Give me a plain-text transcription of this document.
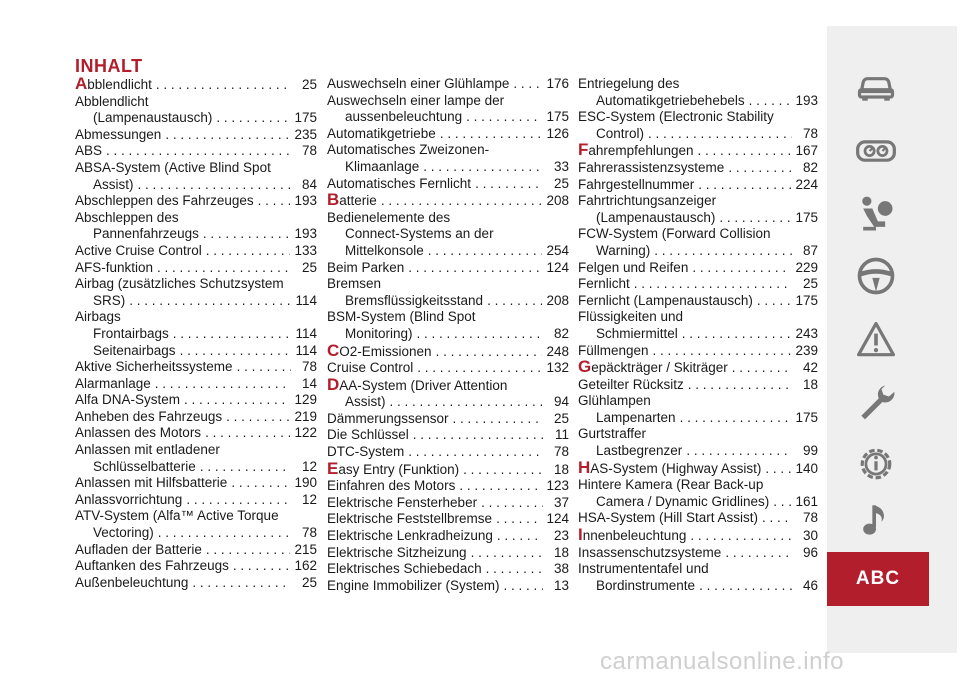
INHALT
A bblendlicht . . .	25
Abblendlicht
(Lampenaustausch) . . .	175
Abmessungen . . .	235
ABS . . .	78
ABSA-System (Active Blind Spot
Assist) . . .	84
Abschleppen des Fahrzeuges . . .	193
Abschleppen des
Pannenfahrzeugs . . .	193
Active Cruise Control . . .	133
AFS-funktion . . .	25
Airbag (zusätzliches Schutzsystem
SRS) . . .	114
Airbags
Frontairbags . . .	114
Seitenairbags . . .	114
Aktive Sicherheitssysteme . . .	78
Alarmanlage . . .	14
Alfa DNA-System . . .	129
Anheben des Fahrzeugs . . .	219
Anlassen des Motors . . .	122
Anlassen mit entladener
Schlüsselbatterie . . .	12
Anlassen mit Hilfsbatterie . . .	190
Anlassvorrichtung . . .	12
ATV-System (Alfa™ Active Torque
Vectoring) . . .	78
Aufladen der Batterie . . .	215
Auftanken des Fahrzeugs . . .	162
Außenbeleuchtung . . .	25
Auswechseln einer Glühlampe . . .	176
Auswechseln einer lampe der
aussenbeleuchtung . . .	175
Automatikgetriebe . . .	126
Automatisches Zweizonen-
Klimaanlage . . .	33
Automatisches Fernlicht . . .	25
B atterie . . .	208
Bedienelemente des
Connect-Systems an der
Mittelkonsole . . .	254
Beim Parken . . .	124
Bremsen
Bremsflüssigkeitsstand . . .	208
BSM-System (Blind Spot
Monitoring) . . .	82
C O2-Emissionen . . .	248
Cruise Control . . .	132
D AA-System (Driver Attention
Assist) . . .	94
Dämmerungssensor . . .	25
Die Schlüssel . . .	11
DTC-System . . .	78
E asy Entry (Funktion) . . .	18
Einfahren des Motors . . .	123
Elektrische Fensterheber . . .	37
Elektrische Feststellbremse . . .	124
Elektrische Lenkradheizung . . .	23
Elektrische Sitzheizung . . .	18
Elektrisches Schiebedach . . .	38
Engine Immobilizer (System) . . .	13
Entriegelung des
Automatikgetriebehebels . . .	193
ESC-System (Electronic Stability
Control) . . .	78
F ahrempfehlungen . . .	167
Fahrerassistenzsysteme . . .	82
Fahrgestellnummer . . .	224
Fahrtrichtungsanzeiger
(Lampenaustausch) . . .	175
FCW-System (Forward Collision
Warning) . . .	87
Felgen und Reifen . . .	229
Fernlicht . . .	25
Fernlicht (Lampenaustausch) . . .	175
Flüssigkeiten und
Schmiermittel . . .	243
Füllmengen . . .	239
G epäckträger / Skiträger . . .	42
Geteilter Rücksitz . . .	18
Glühlampen
Lampenarten . . .	175
Gurtstraffer
Lastbegrenzer . . .	99
H AS-System (Highway Assist) . . .	140
Hintere Kamera (Rear Back-up
Camera / Dynamic Gridlines) . . . 161
HSA-System (Hill Start Assist) . . .	78
I nnenbeleuchtung . . .	30
Insassenschutzsysteme . . .	96
Instrumententafel und
Bordinstrumente . . .	46	ABC
carmanualsonline.info
